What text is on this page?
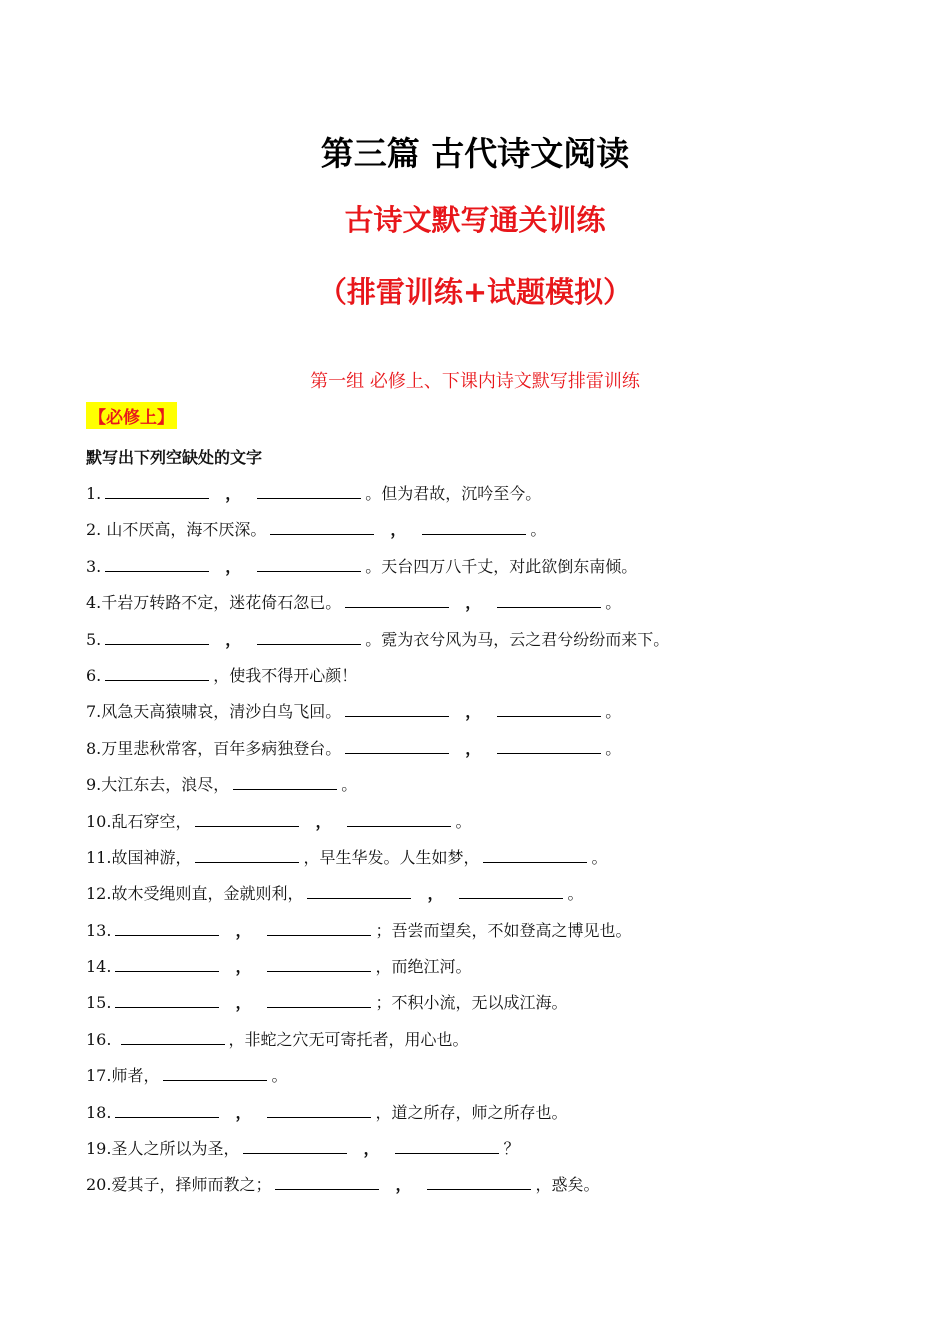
第三篇 古代诗文阅读
古诗文默写通关训练
（排雷训练+试题模拟）
第一组 必修上、下课内诗文默写排雷训练
【必修上】
默写出下列空缺处的文字
1.	，	。但为君故，沉吟至今。
2. 山不厌高，海不厌深。	，	。
3.	，	。天台四万八千丈，对此欲倒东南倾。
4.千岩万转路不定，迷花倚石忽已。	，	。
5.	，	。霓为衣兮风为马，云之君兮纷纷而来下。
6.	，使我不得开心颜！
7.风急天高猿啸哀，清沙白鸟飞回。	，	。
8.万里悲秋常客，百年多病独登台。	，	。
9.大江东去，浪尽，	。
10.乱石穿空，	，	。
11.故国神游，	，早生华发。人生如梦，	。
12.故木受绳则直，金就则利，	，	。
13.	，	；吾尝而望矣，不如登高之博见也。
14.	，	，而绝江河。
15.	，	；不积小流，无以成江海。
16.	，非蛇之穴无可寄托者，用心也。
17.师者，	。
18.	，	，道之所存，师之所存也。
19.圣人之所以为圣，	，	？
20.爱其子，择师而教之；	，	，惑矣。
